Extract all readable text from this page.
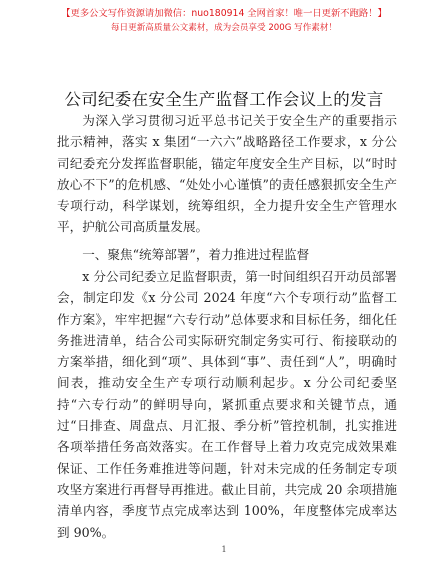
【更多公文写作资源请加微信：nuo180914 全网首家！唯一日更新不跑路！】
每日更新高质量公文素材，成为会员享受 200G 写作素材！
公司纪委在安全生产监督工作会议上的发言

为深入学习贯彻习近平总书记关于安全生产的重要指示批示精神，落实 x 集团“一六六”战略路径工作要求，x 分公司纪委充分发挥监督职能，锚定年度安全生产目标，以“时时放心不下”的危机感、“处处小心谨慎”的责任感狠抓安全生产专项行动，科学谋划，统筹组织，全力提升安全生产管理水平，护航公司高质量发展。

一、聚焦“统筹部署”，着力推进过程监督

x 分公司纪委立足监督职责，第一时间组织召开动员部署会，制定印发《x 分公司 2024 年度“六个专项行动”监督工作方案》，牢牢把握“六专行动”总体要求和目标任务，细化任务推进清单，结合公司实际研究制定务实可行、衔接联动的方案举措，细化到“项”、具体到“事”、责任到“人”，明确时间表，推动安全生产专项行动顺利起步。x 分公司纪委坚持“六专行动”的鲜明导向，紧抓重点要求和关键节点，通过“日排查、周盘点、月汇报、季分析”管控机制，扎实推进各项举措任务高效落实。在工作督导上着力攻克完成效果难保证、工作任务难推进等问题，针对未完成的任务制定专项攻坚方案进行再督导再推进。截止目前，共完成 20 余项措施清单内容，季度节点完成率达到 100%，年度整体完成率达到 90%。

1
